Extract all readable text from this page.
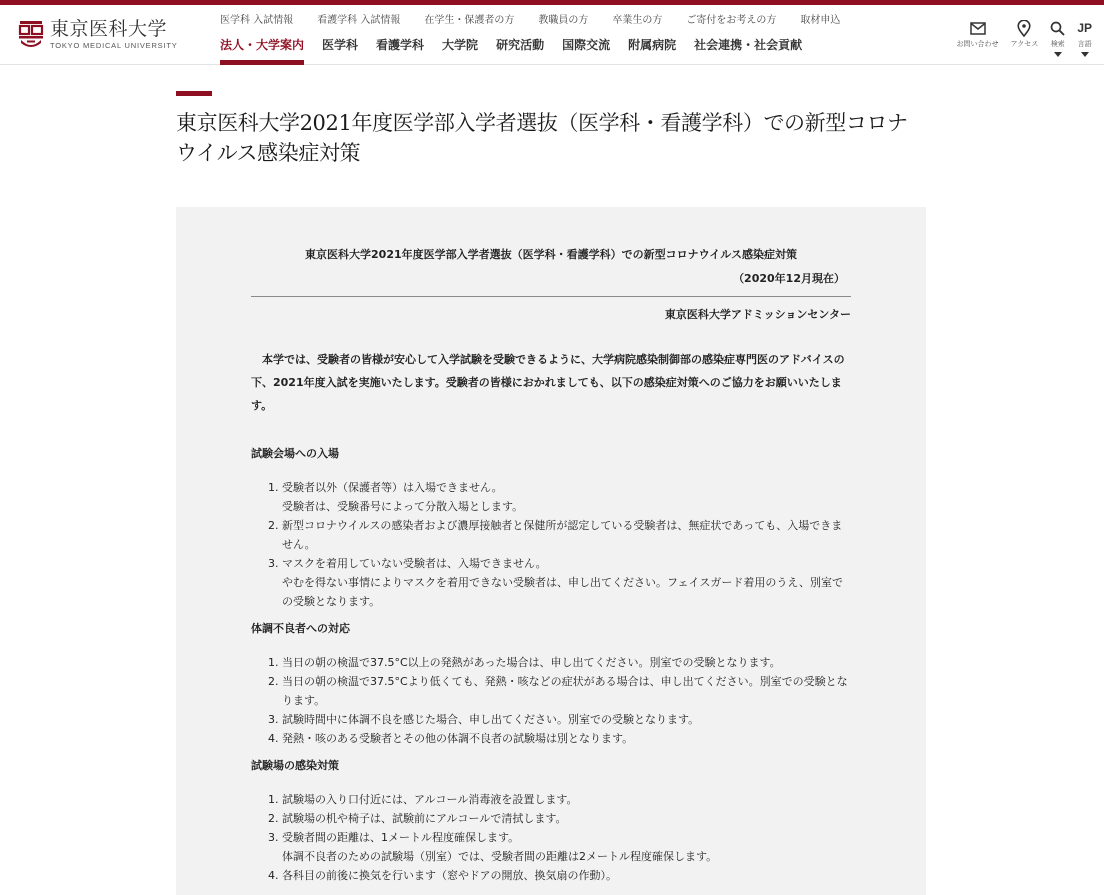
東京医科大学
TOKYO MEDICAL UNIVERSITY
医学科 入試情報 看護学科 入試情報 在学生・保護者の方 教職員の方 卒業生の方 ご寄付をお考えの方 取材申込
法人・大学案内 医学科 看護学科 大学院 研究活動 国際交流 附属病院 社会連携・社会貢献	お問い合わせ アクセス 検索
JP
言語
東京医科大学2021年度医学部入学者選抜（医学科・看護学科）での新型コロナウイルス感染症対策
東京医科大学2021年度医学部入学者選抜（医学科・看護学科）での新型コロナウイルス感染症対策
（2020年12月現在）
東京医科大学アドミッションセンター

本学では、受験者の皆様が安心して入学試験を受験できるように、大学病院感染制御部の感染症専門医のアドバイスの下、2021年度入試を実施いたします。受験者の皆様におかれましても、以下の感染症対策へのご協力をお願いいたします。

試験会場への入場
1. 受験者以外（保護者等）は入場できません。
受験者は、受験番号によって分散入場とします。
2. 新型コロナウイルスの感染者および濃厚接触者と保健所が認定している受験者は、無症状であっても、入場できません。
3. マスクを着用していない受験者は、入場できません。
やむを得ない事情によりマスクを着用できない受験者は、申し出てください。フェイスガード着用のうえ、別室での受験となります。
体調不良者への対応
1. 当日の朝の検温で37.5°C以上の発熱があった場合は、申し出てください。別室での受験となります。
2. 当日の朝の検温で37.5°Cより低くても、発熱・咳などの症状がある場合は、申し出てください。別室での受験となります。
3. 試験時間中に体調不良を感じた場合、申し出てください。別室での受験となります。
4. 発熱・咳のある受験者とその他の体調不良者の試験場は別となります。
試験場の感染対策
1. 試験場の入り口付近には、アルコール消毒液を設置します。
2. 試験場の机や椅子は、試験前にアルコールで清拭します。
3. 受験者間の距離は、1メートル程度確保します。
体調不良者のための試験場（別室）では、受験者間の距離は2メートル程度確保します。
4. 各科目の前後に換気を行います（窓やドアの開放、換気扇の作動）。
